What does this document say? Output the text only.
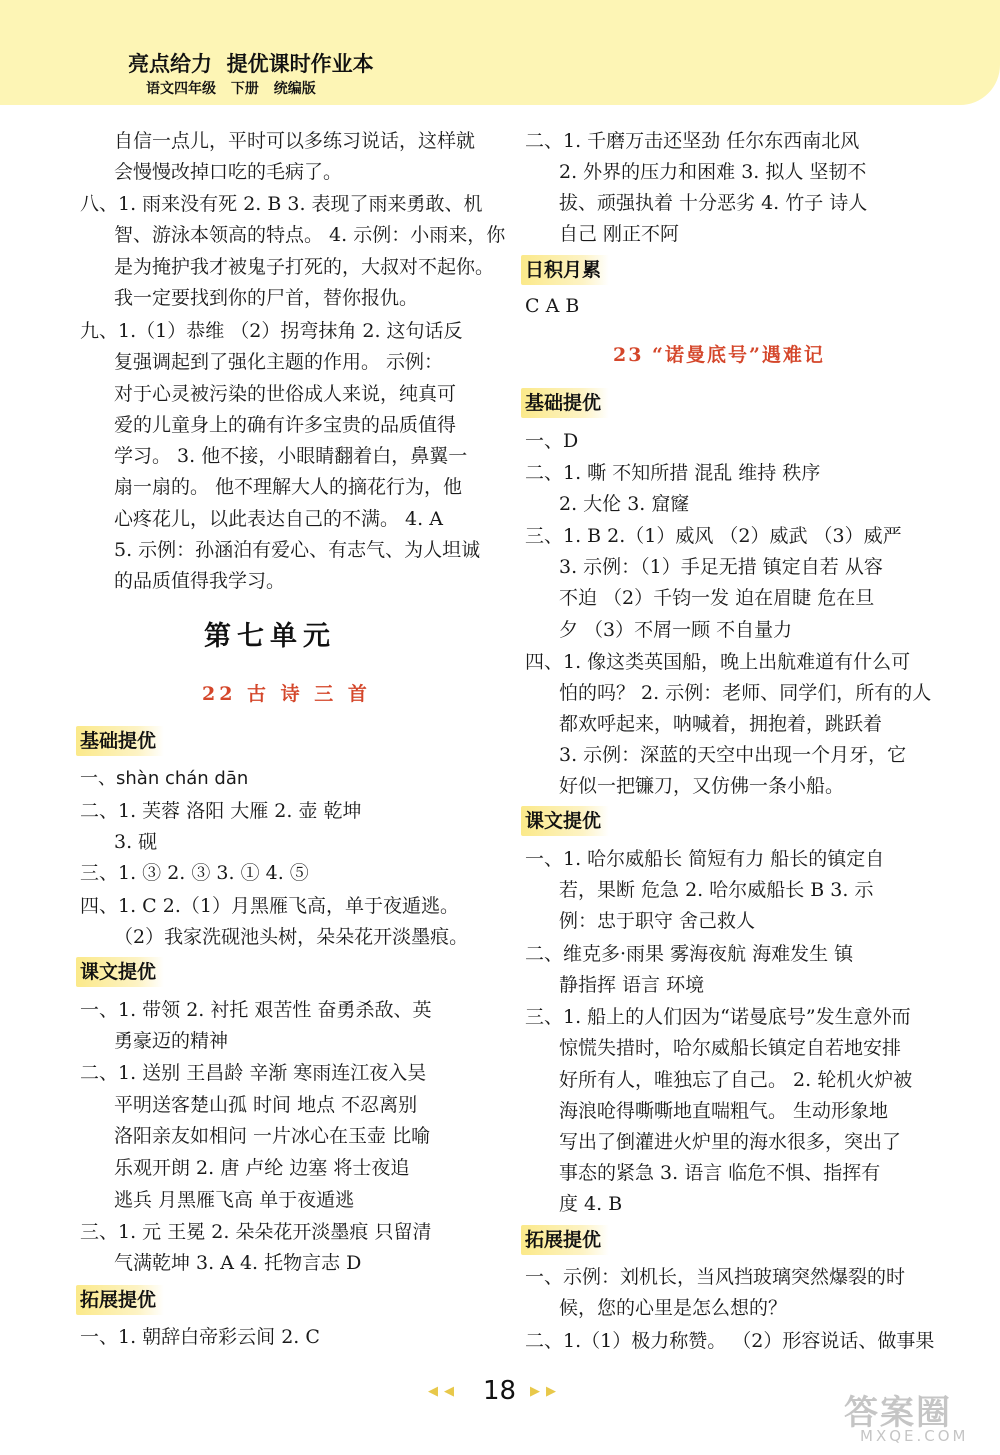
亮点给力  提优课时作业本
语文四年级 下册 统编版
自信一点儿，平时可以多练习说话，这样就
会慢慢改掉口吃的毛病了。
八、1. 雨来没有死 2. B 3. 表现了雨来勇敢、机
智、游泳本领高的特点。 4. 示例：小雨来，你
是为掩护我才被鬼子打死的，大叔对不起你。
我一定要找到你的尸首，替你报仇。
九、1.（1）恭维 （2）拐弯抹角 2. 这句话反
复强调起到了强化主题的作用。 示例：
对于心灵被污染的世俗成人来说，纯真可
爱的儿童身上的确有许多宝贵的品质值得
学习。 3. 他不接，小眼睛翻着白，鼻翼一
扇一扇的。 他不理解大人的摘花行为，他
心疼花儿，以此表达自己的不满。 4. A
5. 示例：孙涵泊有爱心、有志气、为人坦诚
的品质值得我学习。
第七单元
22 古 诗 三 首
基础提优
一、shàn chán dān
二、1. 芙蓉 洛阳 大雁 2. 壶 乾坤
3. 砚
三、1. ③ 2. ③ 3. ① 4. ⑤
四、1. C 2.（1）月黑雁飞高，单于夜遁逃。
（2）我家洗砚池头树，朵朵花开淡墨痕。
课文提优
一、1. 带领 2. 衬托 艰苦性 奋勇杀敌、英
勇豪迈的精神
二、1. 送别 王昌龄 辛渐 寒雨连江夜入吴
平明送客楚山孤 时间 地点 不忍离别
洛阳亲友如相问 一片冰心在玉壶 比喻
乐观开朗 2. 唐 卢纶 边塞 将士夜追
逃兵 月黑雁飞高 单于夜遁逃
三、1. 元 王冕 2. 朵朵花开淡墨痕 只留清
气满乾坤 3. A 4. 托物言志 D
拓展提优
一、1. 朝辞白帝彩云间 2. C
二、1. 千磨万击还坚劲 任尔东西南北风
2. 外界的压力和困难 3. 拟人 坚韧不
拔、顽强执着 十分恶劣 4. 竹子 诗人
自己 刚正不阿
日积月累
C A B
23 “诺曼底号”遇难记
基础提优
一、D
二、1. 嘶 不知所措 混乱 维持 秩序
2. 大伦 3. 窟窿
三、1. B 2.（1）威风 （2）威武 （3）威严
3. 示例：（1）手足无措 镇定自若 从容
不迫 （2）千钧一发 迫在眉睫 危在旦
夕 （3）不屑一顾 不自量力
四、1. 像这类英国船，晚上出航难道有什么可
怕的吗？ 2. 示例：老师、同学们，所有的人
都欢呼起来，呐喊着，拥抱着，跳跃着
3. 示例：深蓝的天空中出现一个月牙，它
好似一把镰刀，又仿佛一条小船。
课文提优
一、1. 哈尔威船长 简短有力 船长的镇定自
若，果断 危急 2. 哈尔威船长 B 3. 示
例：忠于职守 舍己救人
二、维克多·雨果 雾海夜航 海难发生 镇
静指挥 语言 环境
三、1. 船上的人们因为“诺曼底号”发生意外而
惊慌失措时，哈尔威船长镇定自若地安排
好所有人，唯独忘了自己。 2. 轮机火炉被
海浪呛得嘶嘶地直喘粗气。 生动形象地
写出了倒灌进火炉里的海水很多，突出了
事态的紧急 3. 语言 临危不惧、指挥有
度 4. B
拓展提优
一、示例：刘机长，当风挡玻璃突然爆裂的时
候，您的心里是怎么想的？
二、1.（1）极力称赞。 （2）形容说话、做事果
◀ ◀ 18 ▶ ▶
答案圈
MXQE.COM
